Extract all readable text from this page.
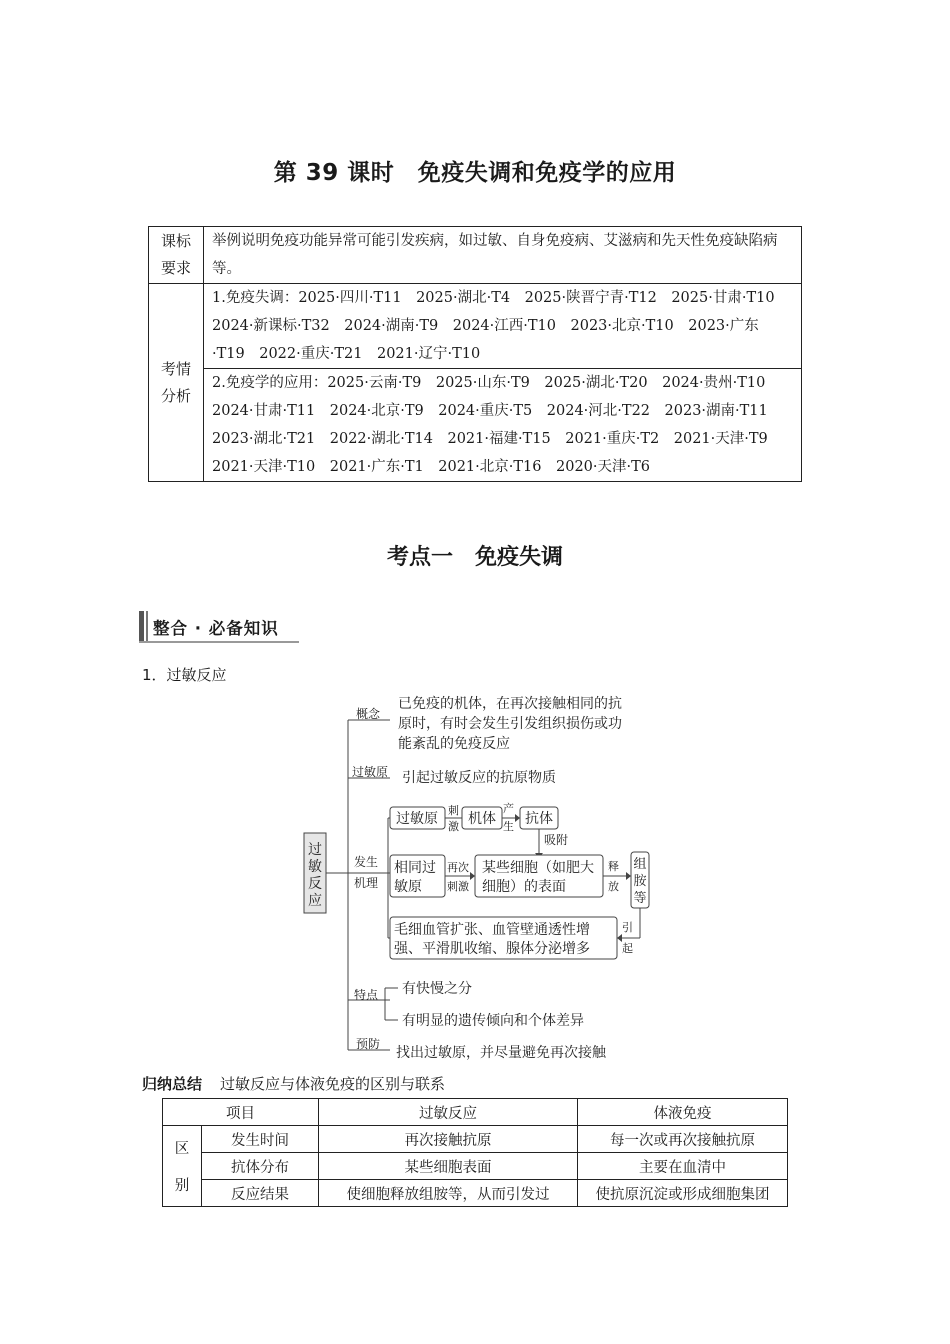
第 39 课时　免疫失调和免疫学的应用
课标
要求	举例说明免疫功能异常可能引发疾病，如过敏、自身免疫病、艾滋病和先天性免疫缺陷病等。
考情
分析	1.免疫失调：2025·四川·T11　2025·湖北·T4　2025·陕晋宁青·T12　2025·甘肃·T10　2024·新课标·T32　2024·湖南·T9　2024·江西·T10　2023·北京·T10　2023·广东·T19　2022·重庆·T21　2021·辽宁·T10
	2.免疫学的应用：2025·云南·T9　2025·山东·T9　2025·湖北·T20　2024·贵州·T10　2024·甘肃·T11　2024·北京·T9　2024·重庆·T5　2024·河北·T22　2023·湖南·T11　2023·湖北·T21　2022·湖北·T14　2021·福建·T15　2021·重庆·T2　2021·天津·T9　2021·天津·T10　2021·广东·T1　2021·北京·T16　2020·天津·T6
考点一　免疫失调
整合 · 必备知识
1．过敏反应
过
敏
反
应
概念
已免疫的机体，在再次接触相同的抗
原时，有时会发生引发组织损伤或功
能紊乱的免疫反应
过敏原 引起过敏反应的抗原物质
发生
机理
过敏原
刺
激 机体
产
生 抗体
吸附
相同过
敏原
再次
刺激
某些细胞（如肥大
细胞）的表面
释
放
组
胺
等
引
起
毛细血管扩张、血管壁通透性增
强、平滑肌收缩、腺体分泌增多
特点 有快慢之分
有明显的遗传倾向和个体差异
预防
找出过敏原，并尽量避免再次接触
归纳总结 过敏反应与体液免疫的区别与联系
项目		过敏反应	体液免疫
区

别	发生时间	再次接触抗原	每一次或再次接触抗原
	抗体分布	某些细胞表面	主要在血清中
	反应结果	使细胞释放组胺等，从而引发过	使抗原沉淀或形成细胞集团
